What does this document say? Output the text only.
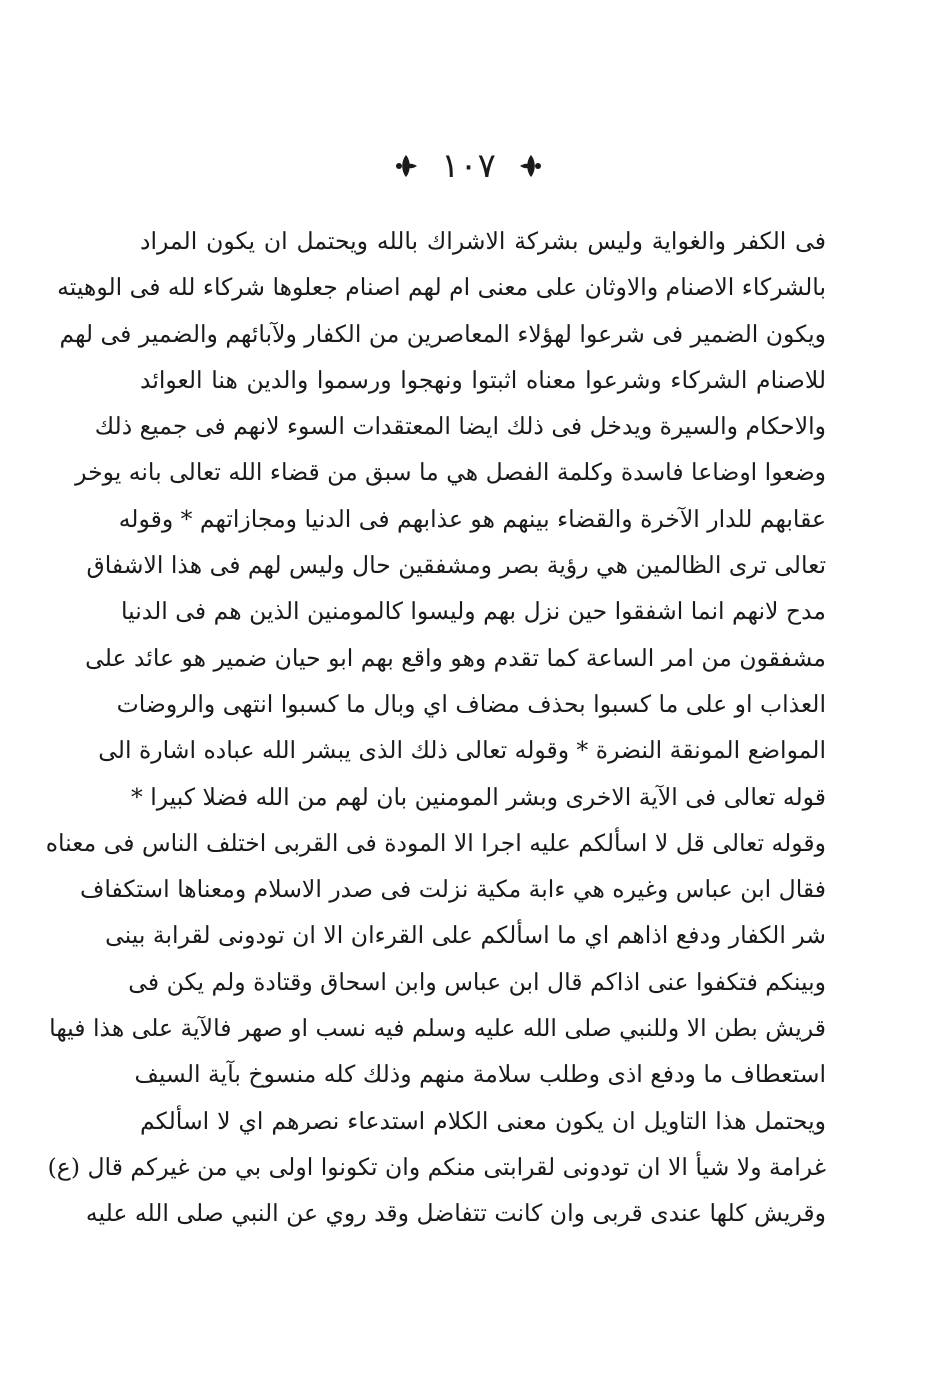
١٠٧
فى الكفر والغواية وليس بشركة الاشراك بالله ويحتمل ان يكون المراد
بالشركاء الاصنام والاوثان على معنى ام لهم اصنام جعلوها شركاء لله فى الوهيته
ويكون الضمير فى شرعوا لهؤلاء المعاصرين من الكفار ولآبائهم والضمير فى لهم
للاصنام الشركاء وشرعوا معناه اثبتوا ونهجوا ورسموا والدين هنا العوائد
والاحكام والسيرة ويدخل فى ذلك ايضا المعتقدات السوء لانهم فى جميع ذلك
وضعوا اوضاعا فاسدة وكلمة الفصل هي ما سبق من قضاء الله تعالى بانه يوخر
عقابهم للدار الآخرة والقضاء بينهم هو عذابهم فى الدنيا ومجازاتهم * وقوله
تعالى ترى الظالمين هي رؤية بصر ومشفقين حال وليس لهم فى هذا الاشفاق
مدح لانهم انما اشفقوا حين نزل بهم وليسوا كالمومنين الذين هم فى الدنيا
مشفقون من امر الساعة كما تقدم وهو واقع بهم ابو حيان ضمير هو عائد على
العذاب او على ما كسبوا بحذف مضاف اي وبال ما كسبوا انتهى والروضات
المواضع المونقة النضرة * وقوله تعالى ذلك الذى يبشر الله عباده اشارة الى
قوله تعالى فى الآية الاخرى وبشر المومنين بان لهم من الله فضلا كبيرا *
وقوله تعالى قل لا اسألكم عليه اجرا الا المودة فى القربى اختلف الناس فى معناه
فقال ابن عباس وغيره هي ءابة مكية نزلت فى صدر الاسلام ومعناها استكفاف
شر الكفار ودفع اذاهم اي ما اسألكم على القرءان الا ان تودونى لقرابة بينى
وبينكم فتكفوا عنى اذاكم قال ابن عباس وابن اسحاق وقتادة ولم يكن فى
قريش بطن الا وللنبي صلى الله عليه وسلم فيه نسب او صهر فالآية على هذا فيها
استعطاف ما ودفع اذى وطلب سلامة منهم وذلك كله منسوخ بآية السيف
ويحتمل هذا التاويل ان يكون معنى الكلام استدعاء نصرهم اي لا اسألكم
غرامة ولا شيأ الا ان تودونى لقرابتى منكم وان تكونوا اولى بي من غيركم قال (ع)
وقريش كلها عندى قربى وان كانت تتفاضل وقد روي عن النبي صلى الله عليه
